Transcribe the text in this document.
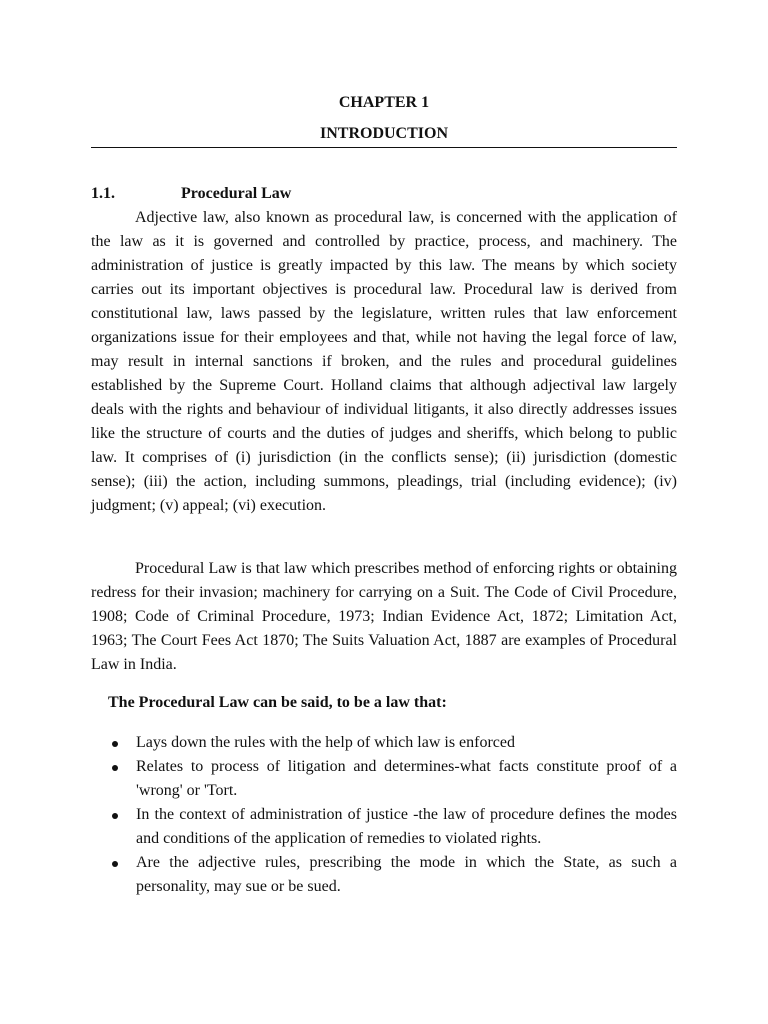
CHAPTER 1
INTRODUCTION
1.1.	Procedural Law

Adjective law, also known as procedural law, is concerned with the application of the law as it is governed and controlled by practice, process, and machinery. The administration of justice is greatly impacted by this law. The means by which society carries out its important objectives is procedural law. Procedural law is derived from constitutional law, laws passed by the legislature, written rules that law enforcement organizations issue for their employees and that, while not having the legal force of law, may result in internal sanctions if broken, and the rules and procedural guidelines established by the Supreme Court. Holland claims that although adjectival law largely deals with the rights and behaviour of individual litigants, it also directly addresses issues like the structure of courts and the duties of judges and sheriffs, which belong to public law. It comprises of (i) jurisdiction (in the conflicts sense); (ii) jurisdiction (domestic sense); (iii) the action, including summons, pleadings, trial (including evidence); (iv) judgment; (v) appeal; (vi) execution.

Procedural Law is that law which prescribes method of enforcing rights or obtaining redress for their invasion; machinery for carrying on a Suit. The Code of Civil Procedure, 1908; Code of Criminal Procedure, 1973; Indian Evidence Act, 1872; Limitation Act, 1963; The Court Fees Act 1870; The Suits Valuation Act, 1887 are examples of Procedural Law in India.

The Procedural Law can be said, to be a law that:
Lays down the rules with the help of which law is enforced
Relates to process of litigation and determines-what facts constitute proof of a 'wrong' or 'Tort.
In the context of administration of justice -the law of procedure defines the modes and conditions of the application of remedies to violated rights.
Are the adjective rules, prescribing the mode in which the State, as such a personality, may sue or be sued.
